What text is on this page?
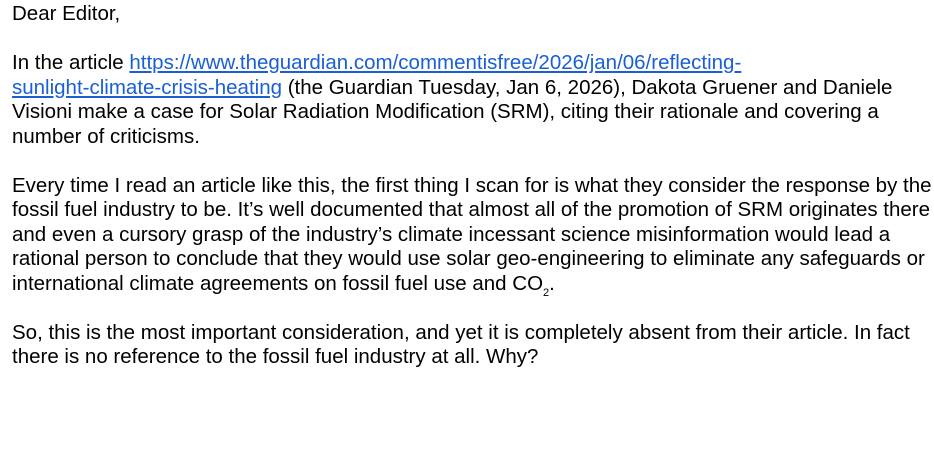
Dear Editor,

In the article https://www.theguardian.com/commentisfree/2026/jan/06/reflecting-
sunlight-climate-crisis-heating (the Guardian Tuesday, Jan 6, 2026), Dakota Gruener and Daniele Visioni make a case for Solar Radiation Modification (SRM), citing their rationale and covering a number of criticisms.

Every time I read an article like this, the first thing I scan for is what they consider the response by the fossil fuel industry to be. It’s well documented that almost all of the promotion of SRM originates there and even a cursory grasp of the industry’s climate incessant science misinformation would lead a rational person to conclude that they would use solar geo-engineering to eliminate any safeguards or international climate agreements on fossil fuel use and $CO_2$.

So, this is the most important consideration, and yet it is completely absent from their article. In fact there is no reference to the fossil fuel industry at all. Why?
